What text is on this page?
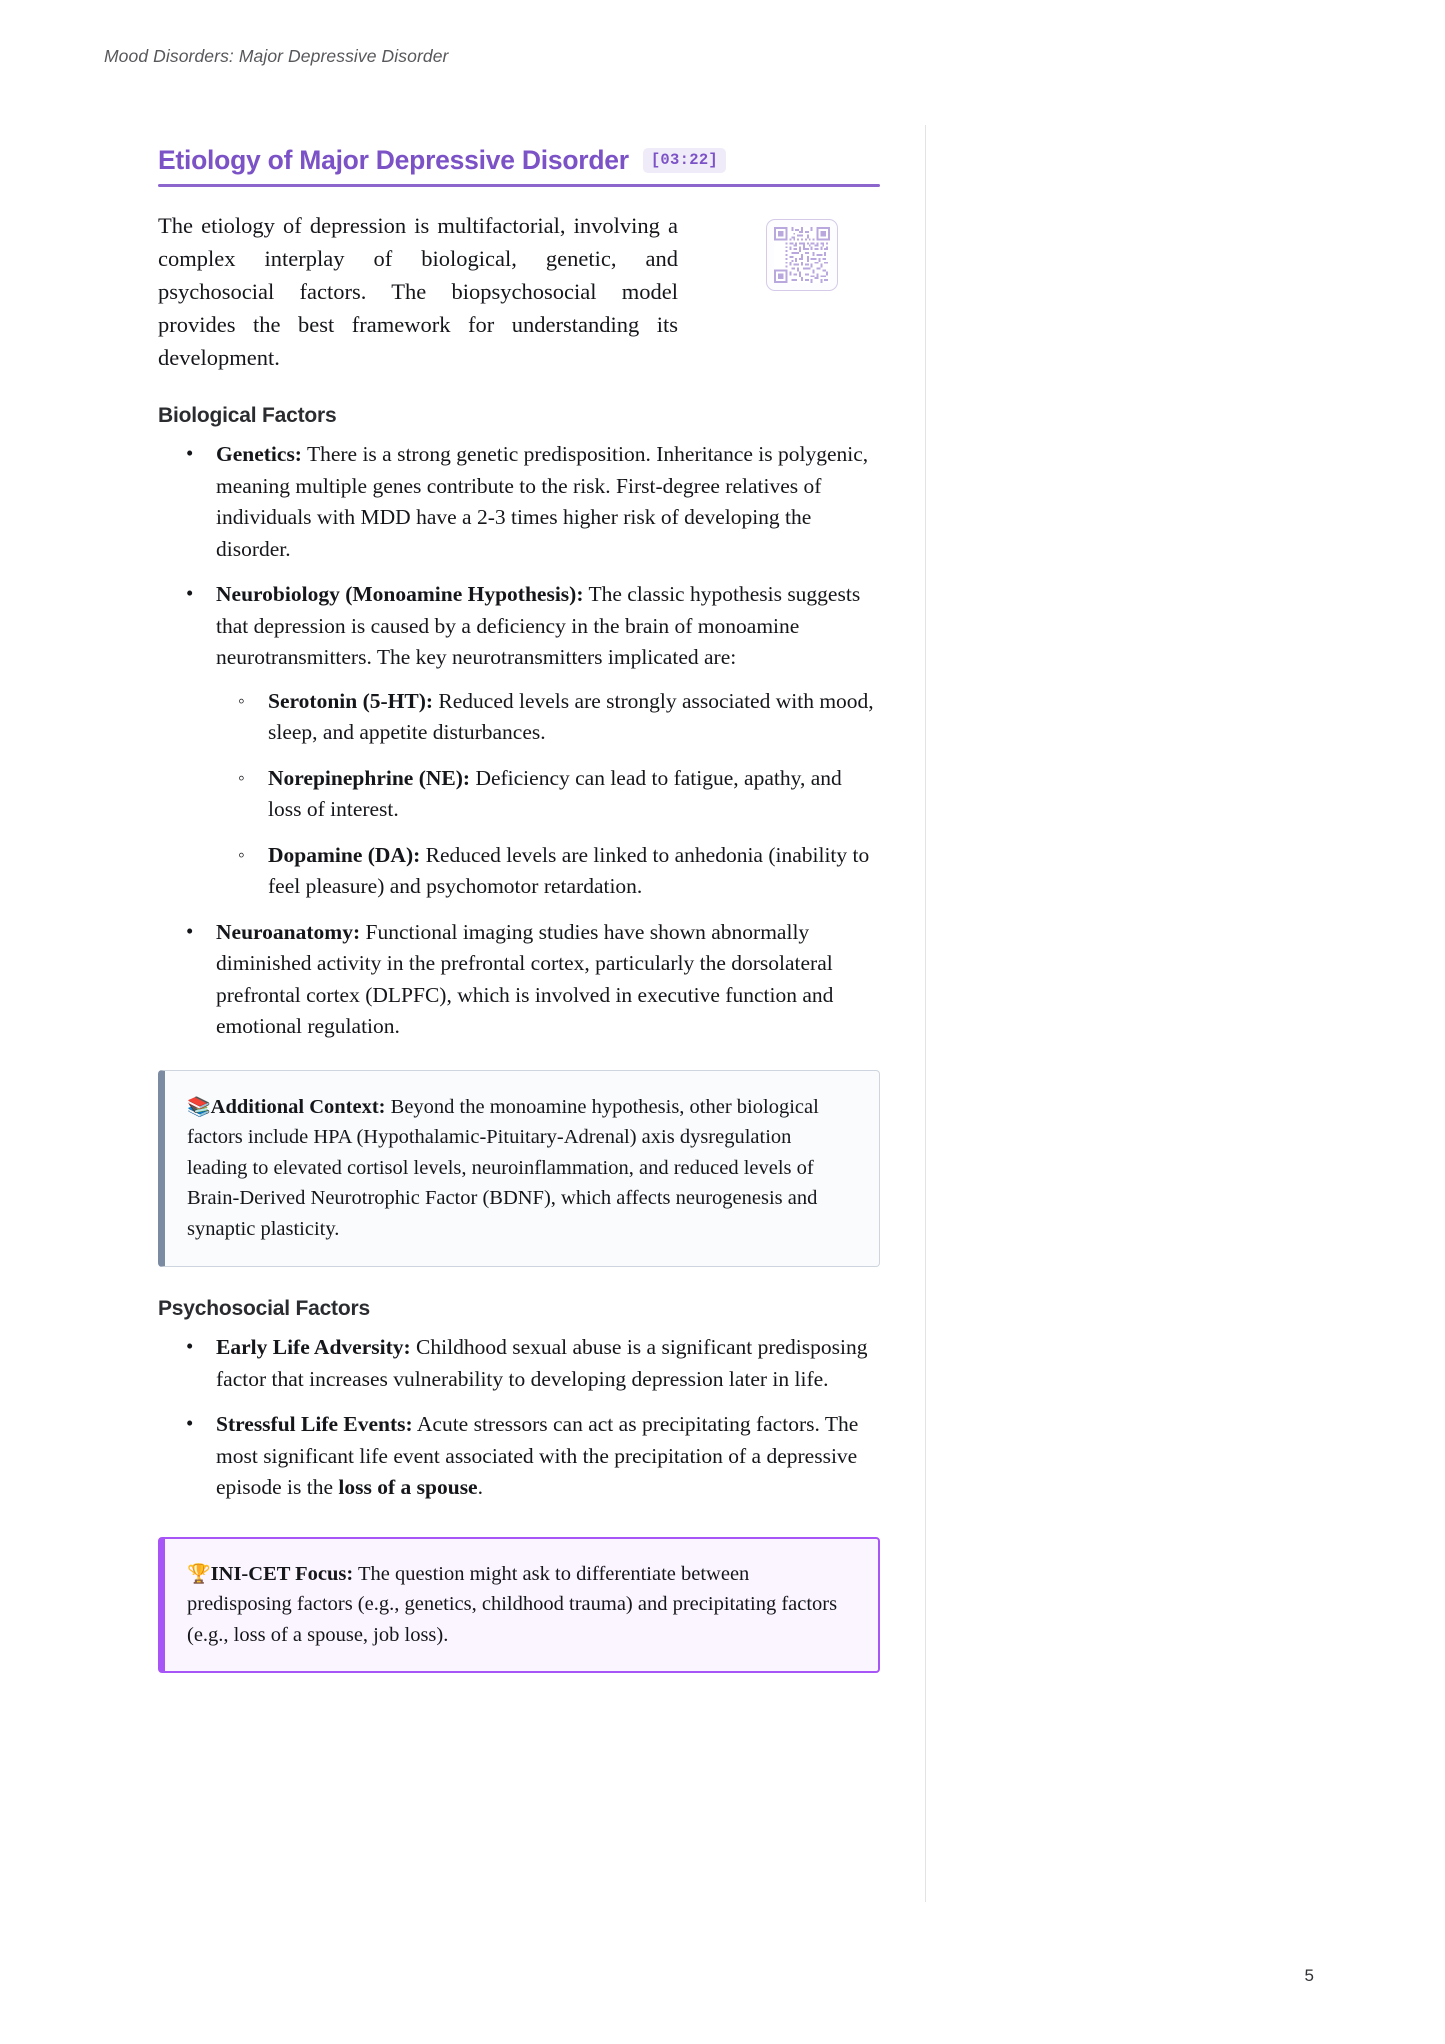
Mood Disorders: Major Depressive Disorder
Etiology of Major Depressive Disorder	[03:22]

The etiology of depression is multifactorial, involving a complex interplay of biological, genetic, and psychosocial factors. The biopsychosocial model provides the best framework for understanding its development.

Biological Factors
• Genetics: There is a strong genetic predisposition. Inheritance is polygenic, meaning multiple genes contribute to the risk. First-degree relatives of individuals with MDD have a 2-3 times higher risk of developing the disorder.
• Neurobiology (Monoamine Hypothesis): The classic hypothesis suggests that depression is caused by a deficiency in the brain of monoamine neurotransmitters. The key neurotransmitters implicated are:
◦ Serotonin (5-HT): Reduced levels are strongly associated with mood, sleep, and appetite disturbances.
◦ Norepinephrine (NE): Deficiency can lead to fatigue, apathy, and loss of interest.
◦ Dopamine (DA): Reduced levels are linked to anhedonia (inability to feel pleasure) and psychomotor retardation.
• Neuroanatomy: Functional imaging studies have shown abnormally diminished activity in the prefrontal cortex, particularly the dorsolateral prefrontal cortex (DLPFC), which is involved in executive function and emotional regulation.
📚Additional Context: Beyond the monoamine hypothesis, other biological factors include HPA (Hypothalamic-Pituitary-Adrenal) axis dysregulation leading to elevated cortisol levels, neuroinflammation, and reduced levels of Brain-Derived Neurotrophic Factor (BDNF), which affects neurogenesis and synaptic plasticity.
Psychosocial Factors
• Early Life Adversity: Childhood sexual abuse is a significant predisposing factor that increases vulnerability to developing depression later in life.
• Stressful Life Events: Acute stressors can act as precipitating factors. The most significant life event associated with the precipitation of a depressive episode is the loss of a spouse.
🏆INI-CET Focus: The question might ask to differentiate between predisposing factors (e.g., genetics, childhood trauma) and precipitating factors (e.g., loss of a spouse, job loss).
5
